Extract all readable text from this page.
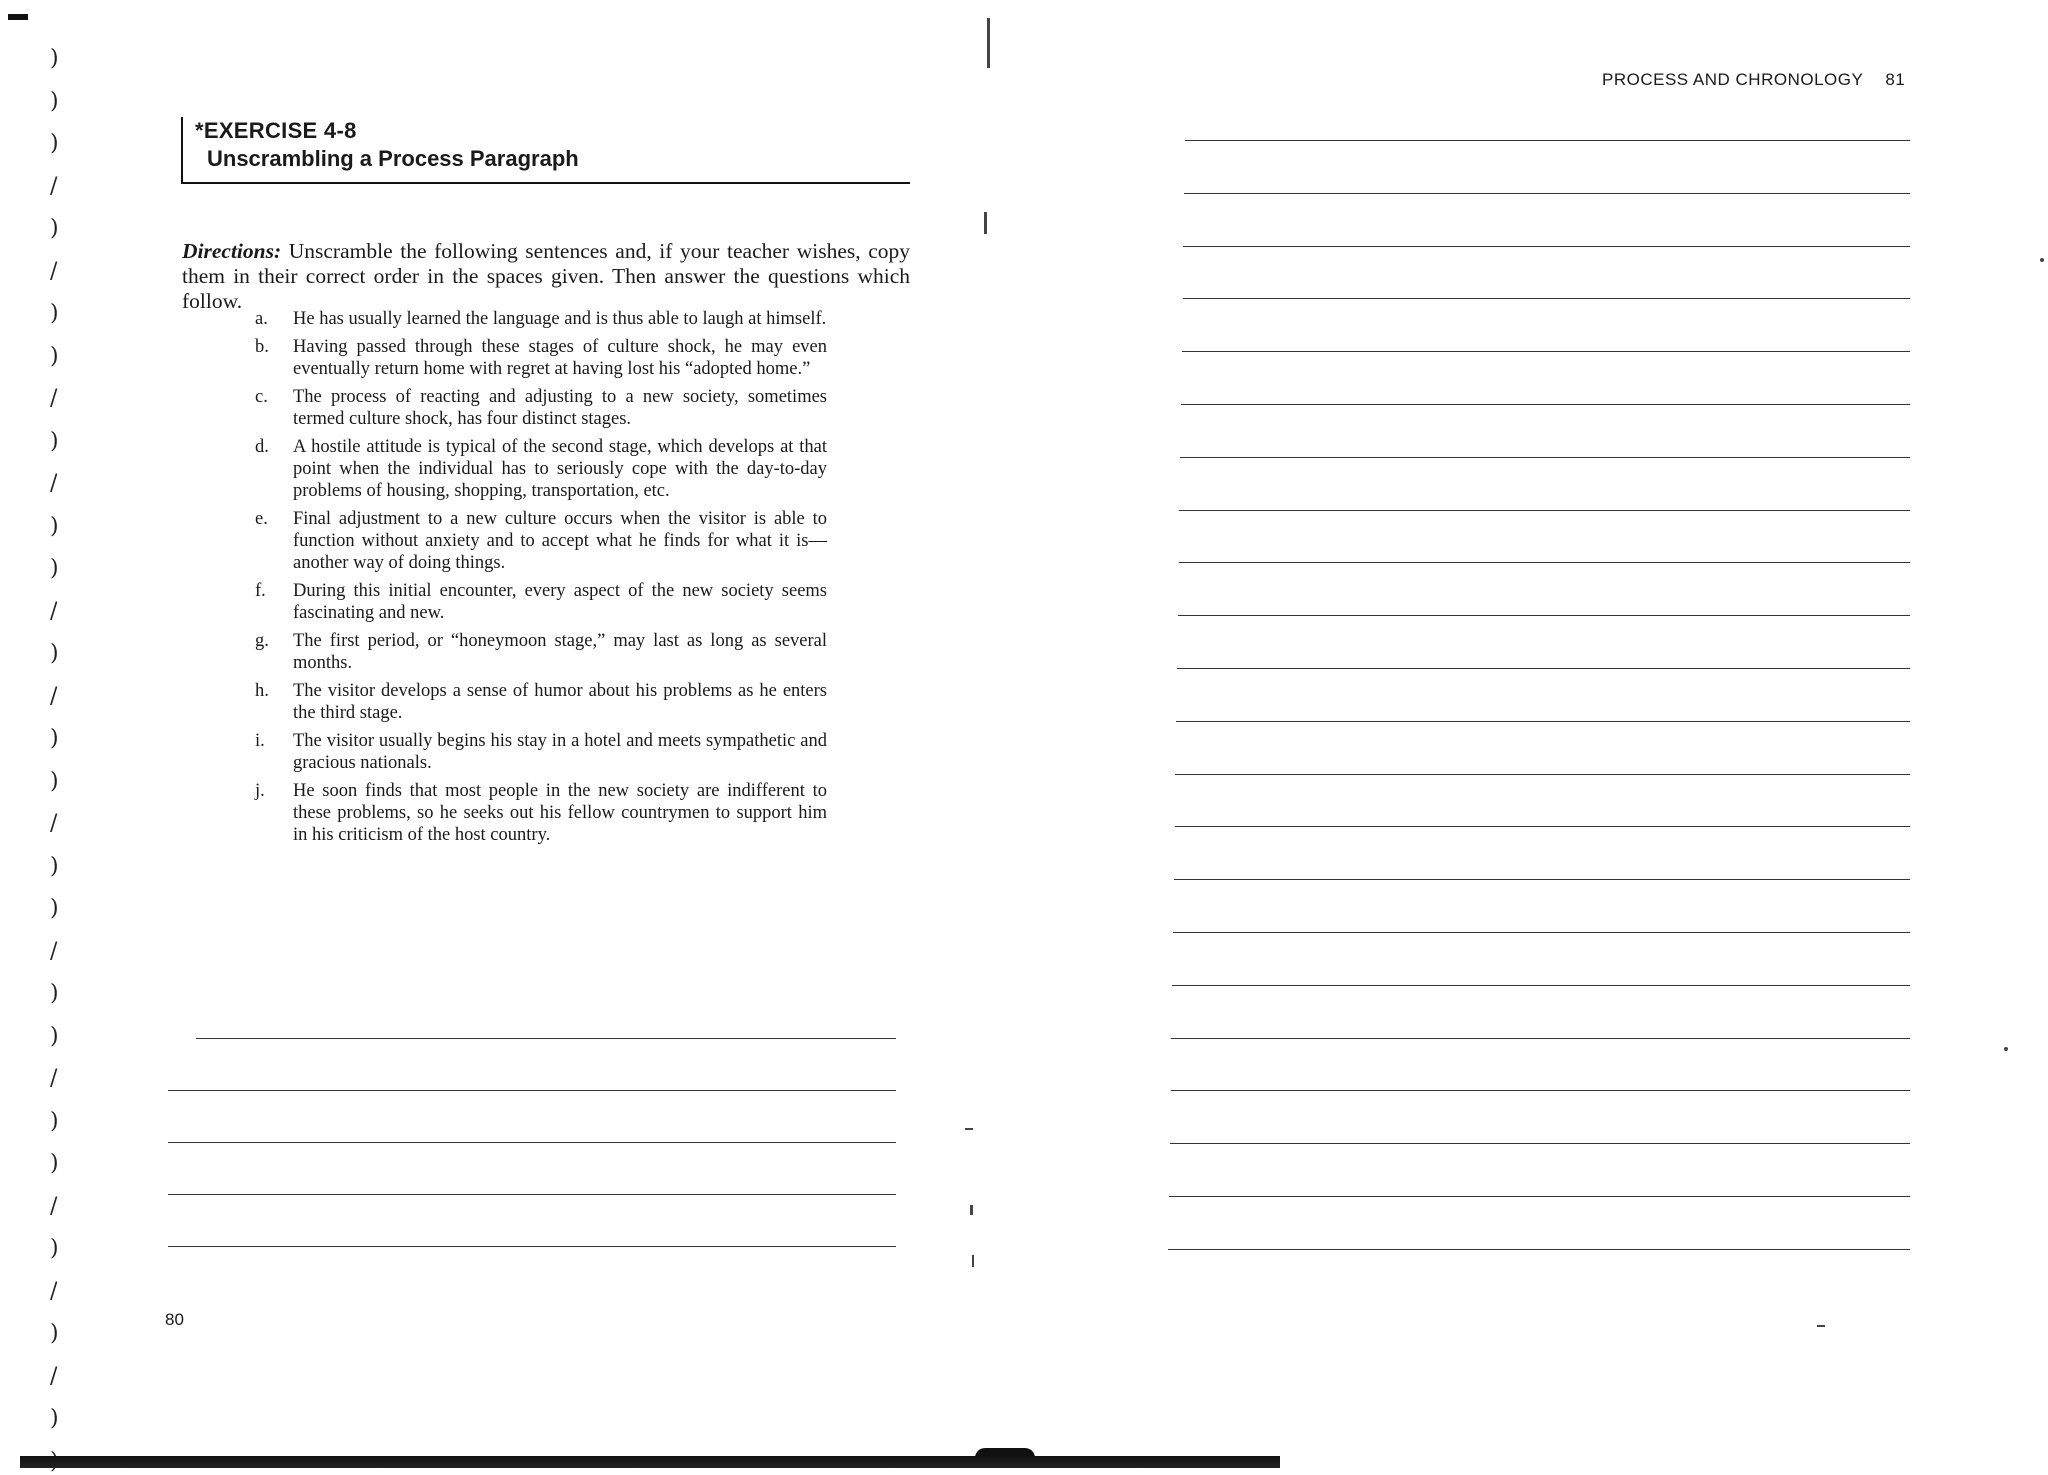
)
)
)
/
)
/
)
)
/
)
/
)
)
/
)
/
)
)
/
)
)
/
)
)
/
)
)
/
)
/
)
/
)
*EXERCISE 4-8
Unscrambling a Process Paragraph

Directions: Unscramble the following sentences and, if your teacher wishes, copy them in their correct order in the spaces given. Then answer the questions which follow.

a.	He has usually learned the language and is thus able to laugh at himself.
b.	Having passed through these stages of culture shock, he may even eventually return home with regret at having lost his “adopted home.”
c.	The process of reacting and adjusting to a new society, sometimes termed culture shock, has four distinct stages.
d.	A hostile attitude is typical of the second stage, which develops at that point when the individual has to seriously cope with the day-to-day problems of housing, shopping, transportation, etc.
e.	Final adjustment to a new culture occurs when the visitor is able to function without anxiety and to accept what he finds for what it is—another way of doing things.
f.	During this initial encounter, every aspect of the new society seems fascinating and new.
g.	The first period, or “honeymoon stage,” may last as long as several months.
h.	The visitor develops a sense of humor about his problems as he enters the third stage.
i.	The visitor usually begins his stay in a hotel and meets sympathetic and gracious nationals.
j.	He soon finds that most people in the new society are indifferent to these problems, so he seeks out his fellow countrymen to support him in his criticism of the host country.
80
PROCESS AND CHRONOLOGY 81
